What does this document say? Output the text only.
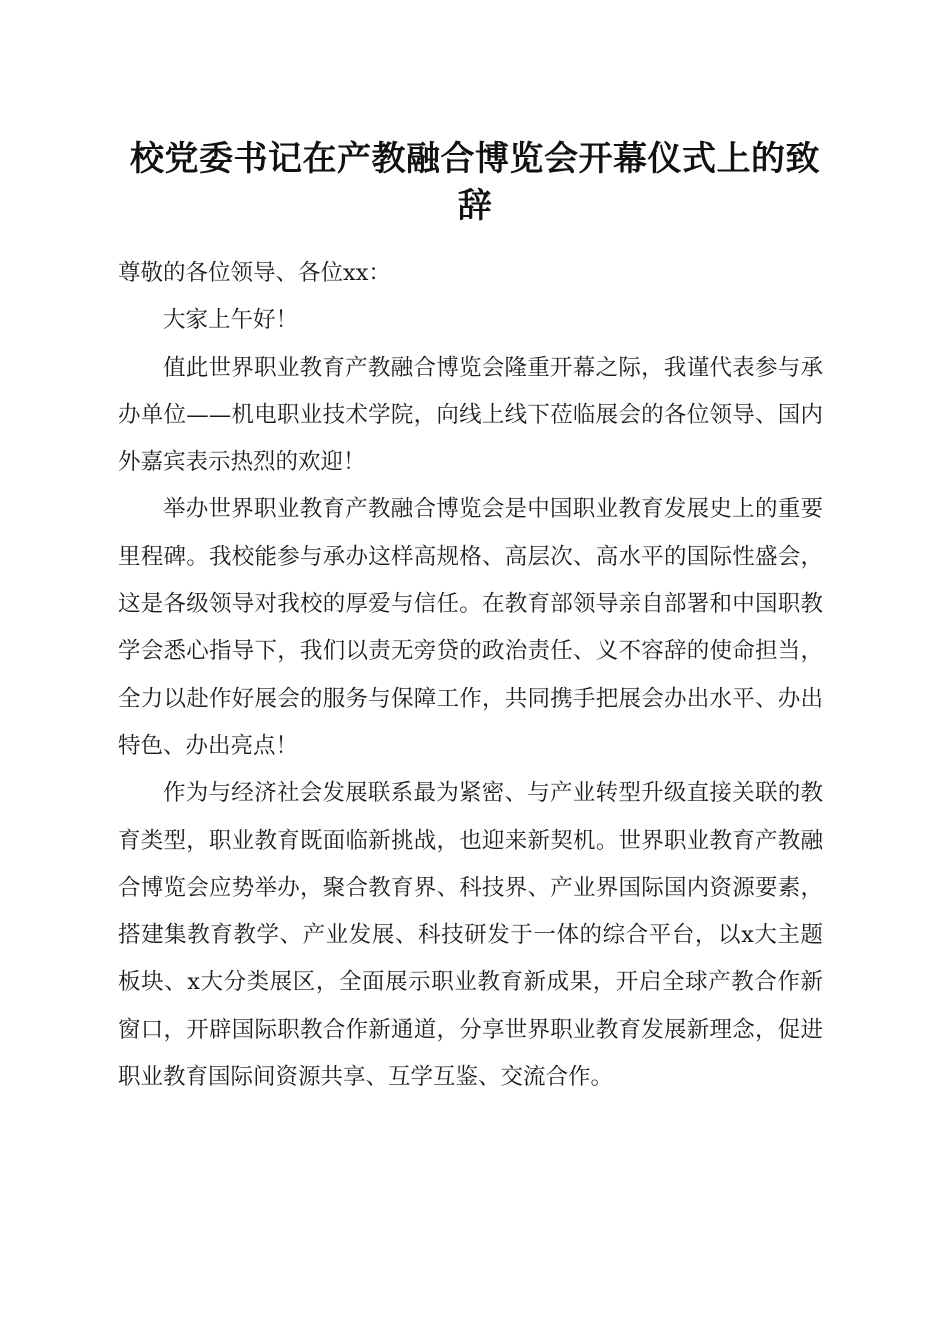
校党委书记在产教融合博览会开幕仪式上的致辞

尊敬的各位领导、各位xx：

大家上午好！

值此世界职业教育产教融合博览会隆重开幕之际，我谨代表参与承办单位——机电职业技术学院，向线上线下莅临展会的各位领导、国内外嘉宾表示热烈的欢迎！

举办世界职业教育产教融合博览会是中国职业教育发展史上的重要里程碑。我校能参与承办这样高规格、高层次、高水平的国际性盛会，这是各级领导对我校的厚爱与信任。在教育部领导亲自部署和中国职教学会悉心指导下，我们以责无旁贷的政治责任、义不容辞的使命担当，全力以赴作好展会的服务与保障工作，共同携手把展会办出水平、办出特色、办出亮点！

作为与经济社会发展联系最为紧密、与产业转型升级直接关联的教育类型，职业教育既面临新挑战，也迎来新契机。世界职业教育产教融合博览会应势举办，聚合教育界、科技界、产业界国际国内资源要素，搭建集教育教学、产业发展、科技研发于一体的综合平台，以x大主题板块、x大分类展区，全面展示职业教育新成果，开启全球产教合作新窗口，开辟国际职教合作新通道，分享世界职业教育发展新理念，促进职业教育国际间资源共享、互学互鉴、交流合作。
